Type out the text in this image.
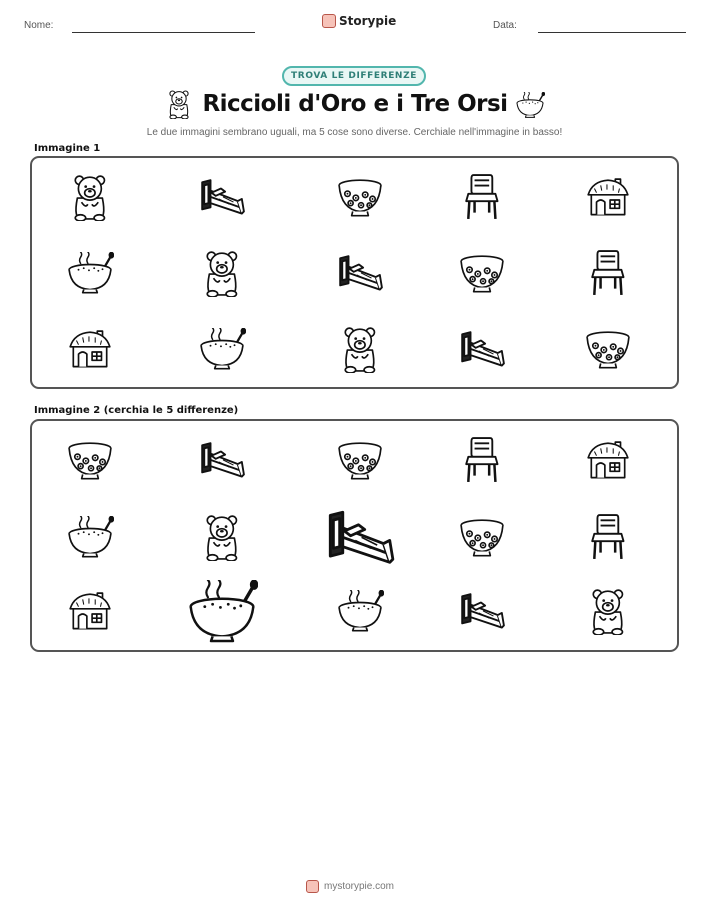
Nome:	Storypie	Data:
TROVA LE DIFFERENZE
Riccioli d'Oro e i Tre Orsi
Le due immagini sembrano uguali, ma 5 cose sono diverse. Cerchiale nell'immagine in basso!
Immagine 1
Immagine 2 (cerchia le 5 differenze)
mystorypie.com
